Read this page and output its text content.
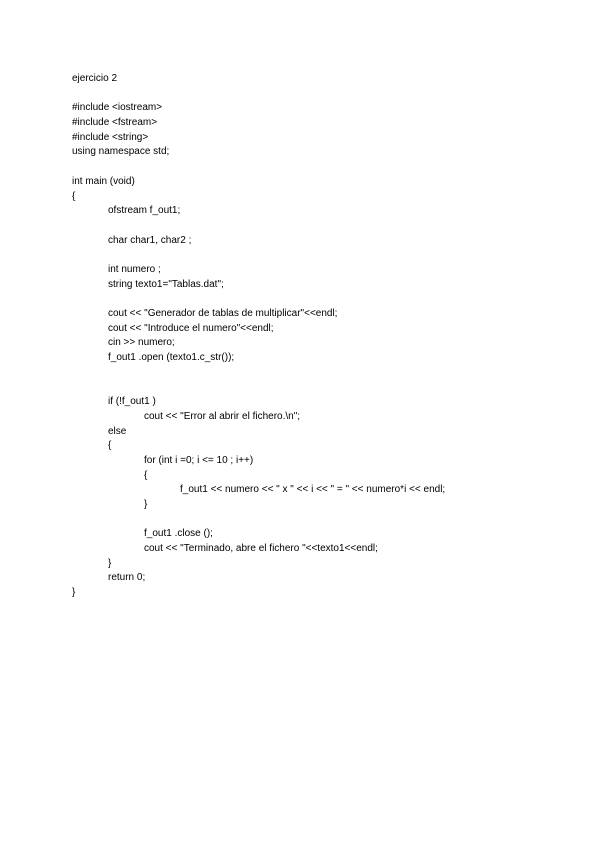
ejercicio 2
#include <iostream>
#include <fstream>
#include <string>
using namespace std;
int main (void)
{
ofstream f_out1;
char char1, char2 ;
int numero ;
string texto1="Tablas.dat";
cout << "Generador de tablas de multiplicar"<<endl;
cout << "Introduce el numero"<<endl;
cin >> numero;
f_out1 .open (texto1.c_str());
if (!f_out1 )
cout << "Error al abrir el fichero.\n";
else
{
for (int i =0; i <= 10 ; i++)
{
f_out1 << numero << " x " << i << " = " << numero*i << endl;
}
f_out1 .close ();
cout << "Terminado, abre el fichero "<<texto1<<endl;
}
return 0;
}
